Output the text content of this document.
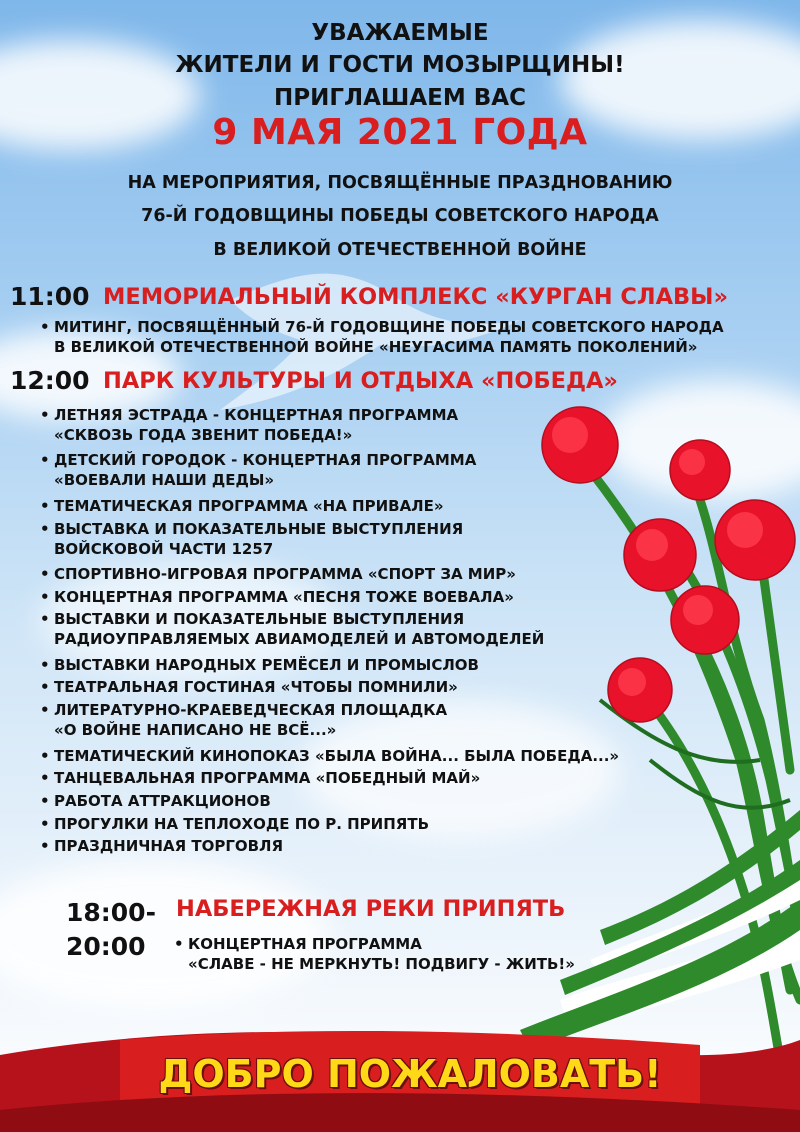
УВАЖАЕМЫЕ
ЖИТЕЛИ И ГОСТИ МОЗЫРЩИНЫ!
ПРИГЛАШАЕМ ВАС
9 МАЯ 2021 ГОДА
НА МЕРОПРИЯТИЯ, ПОСВЯЩЁННЫЕ ПРАЗДНОВАНИЮ
76-Й ГОДОВЩИНЫ ПОБЕДЫ СОВЕТСКОГО НАРОДА
В ВЕЛИКОЙ ОТЕЧЕСТВЕННОЙ ВОЙНЕ
11:00 МЕМОРИАЛЬНЫЙ КОМПЛЕКС «КУРГАН СЛАВЫ»
• МИТИНГ, ПОСВЯЩЁННЫЙ 76-Й ГОДОВЩИНЕ ПОБЕДЫ СОВЕТСКОГО НАРОДА
В ВЕЛИКОЙ ОТЕЧЕСТВЕННОЙ ВОЙНЕ «НЕУГАСИМА ПАМЯТЬ ПОКОЛЕНИЙ»
12:00 ПАРК КУЛЬТУРЫ И ОТДЫХА «ПОБЕДА»
• ЛЕТНЯЯ ЭСТРАДА - КОНЦЕРТНАЯ ПРОГРАММА
«СКВОЗЬ ГОДА ЗВЕНИТ ПОБЕДА!»
• ДЕТСКИЙ ГОРОДОК - КОНЦЕРТНАЯ ПРОГРАММА
«ВОЕВАЛИ НАШИ ДЕДЫ»
• ТЕМАТИЧЕСКАЯ ПРОГРАММА «НА ПРИВАЛЕ»
• ВЫСТАВКА И ПОКАЗАТЕЛЬНЫЕ ВЫСТУПЛЕНИЯ
ВОЙСКОВОЙ ЧАСТИ 1257
• СПОРТИВНО-ИГРОВАЯ ПРОГРАММА «СПОРТ ЗА МИР»
• КОНЦЕРТНАЯ ПРОГРАММА «ПЕСНЯ ТОЖЕ ВОЕВАЛА»
• ВЫСТАВКИ И ПОКАЗАТЕЛЬНЫЕ ВЫСТУПЛЕНИЯ
РАДИОУПРАВЛЯЕМЫХ АВИАМОДЕЛЕЙ И АВТОМОДЕЛЕЙ
• ВЫСТАВКИ НАРОДНЫХ РЕМЁСЕЛ И ПРОМЫСЛОВ
• ТЕАТРАЛЬНАЯ ГОСТИНАЯ «ЧТОБЫ ПОМНИЛИ»
• ЛИТЕРАТУРНО-КРАЕВЕДЧЕСКАЯ ПЛОЩАДКА
«О ВОЙНЕ НАПИСАНО НЕ ВСЁ...»
• ТЕМАТИЧЕСКИЙ КИНОПОКАЗ «БЫЛА ВОЙНА... БЫЛА ПОБЕДА...»
• ТАНЦЕВАЛЬНАЯ ПРОГРАММА «ПОБЕДНЫЙ МАЙ»
• РАБОТА АТТРАКЦИОНОВ
• ПРОГУЛКИ НА ТЕПЛОХОДЕ ПО Р. ПРИПЯТЬ
• ПРАЗДНИЧНАЯ ТОРГОВЛЯ
18:00-
20:00
НАБЕРЕЖНАЯ РЕКИ ПРИПЯТЬ
• КОНЦЕРТНАЯ ПРОГРАММА
«СЛАВЕ - НЕ МЕРКНУТЬ! ПОДВИГУ - ЖИТЬ!»
ДОБРО ПОЖАЛОВАТЬ!
